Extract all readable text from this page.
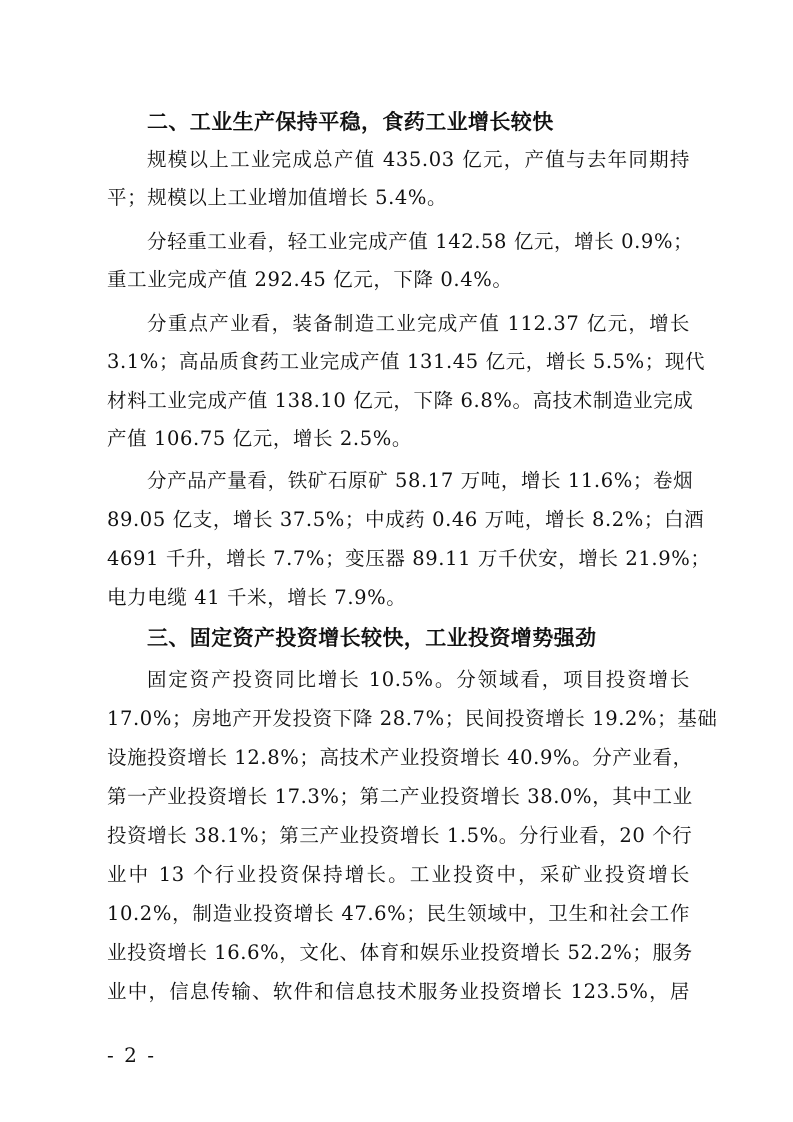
二、工业生产保持平稳，食药工业增长较快
规模以上工业完成总产值 435.03 亿元，产值与去年同期持
平；规模以上工业增加值增长 5.4%。
分轻重工业看，轻工业完成产值 142.58 亿元，增长 0.9%；
重工业完成产值 292.45 亿元，下降 0.4%。
分重点产业看，装备制造工业完成产值 112.37 亿元，增长
3.1%；高品质食药工业完成产值 131.45 亿元，增长 5.5%；现代
材料工业完成产值 138.10 亿元，下降 6.8%。高技术制造业完成
产值 106.75 亿元，增长 2.5%。
分产品产量看，铁矿石原矿 58.17 万吨，增长 11.6%；卷烟
89.05 亿支，增长 37.5%；中成药 0.46 万吨，增长 8.2%；白酒
4691 千升，增长 7.7%；变压器 89.11 万千伏安，增长 21.9%；
电力电缆 41 千米，增长 7.9%。
三、固定资产投资增长较快，工业投资增势强劲
固定资产投资同比增长 10.5%。分领域看，项目投资增长
17.0%；房地产开发投资下降 28.7%；民间投资增长 19.2%；基础
设施投资增长 12.8%；高技术产业投资增长 40.9%。分产业看，
第一产业投资增长 17.3%；第二产业投资增长 38.0%，其中工业
投资增长 38.1%；第三产业投资增长 1.5%。分行业看，20 个行
业中 13 个行业投资保持增长。工业投资中，采矿业投资增长
10.2%，制造业投资增长 47.6%；民生领域中，卫生和社会工作
业投资增长 16.6%，文化、体育和娱乐业投资增长 52.2%；服务
业中，信息传输、软件和信息技术服务业投资增长 123.5%，居
- 2 -
